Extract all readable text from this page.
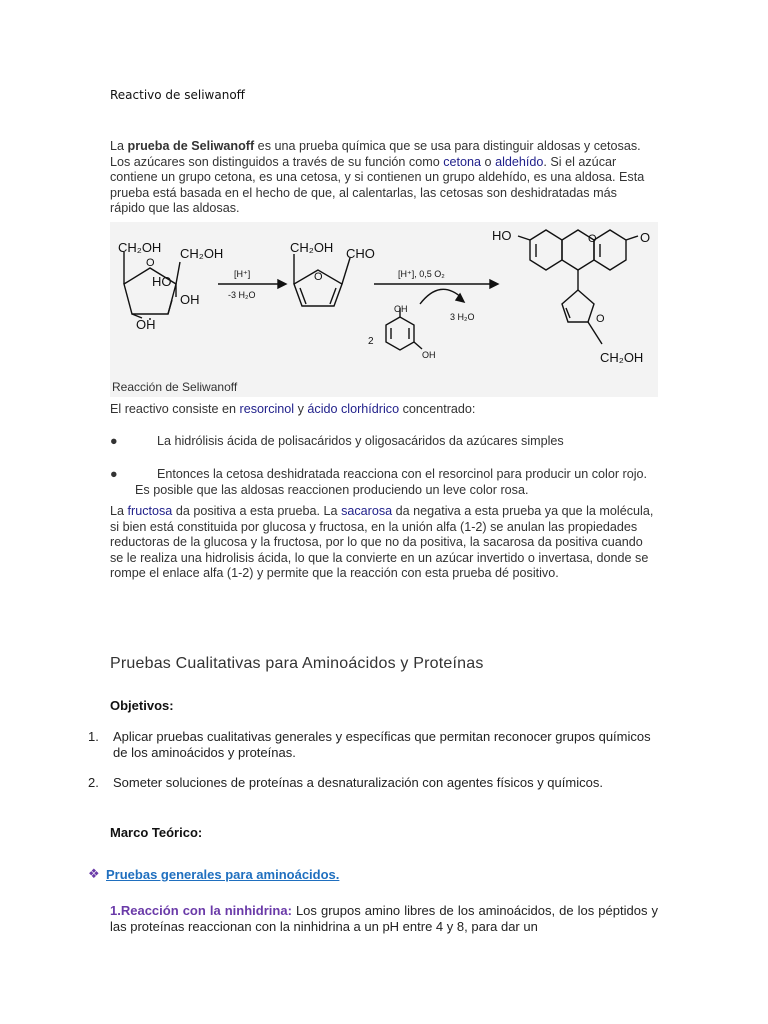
Reactivo de seliwanoff
La prueba de Seliwanoff es una prueba química que se usa para distinguir aldosas y cetosas. Los azúcares son distinguidos a través de su función como cetona o aldehído. Si el azúcar contiene un grupo cetona, es una cetosa, y si contienen un grupo aldehído, es una aldosa. Esta prueba está basada en el hecho de que, al calentarlas, las cetosas son deshidratadas más rápido que las aldosas.
CH₂OH CH₂OH
O
HO
OH
OH
CH₂OH CHO
O
HO	O	O
O
CH₂OH
[H⁺]
-3 H₂O
[H⁺], 0,5 O₂
3 H₂O
OH
OH
2
Reacción de Seliwanoff
El reactivo consiste en resorcinol y ácido clorhídrico concentrado:
●	La hidrólisis ácida de polisacáridos y oligosacáridos da azúcares simples
●	Entonces la cetosa deshidratada reacciona con el resorcinol para producir un color rojo. Es posible que las aldosas reaccionen produciendo un leve color rosa.
La fructosa da positiva a esta prueba. La sacarosa da negativa a esta prueba ya que la molécula, si bien está constituida por glucosa y fructosa, en la unión alfa (1-2) se anulan las propiedades reductoras de la glucosa y la fructosa, por lo que no da positiva, la sacarosa da positiva cuando se le realiza una hidrolisis ácida, lo que la convierte en un azúcar invertido o invertasa, donde se rompe el enlace alfa (1-2) y permite que la reacción con esta prueba dé positivo.
Pruebas Cualitativas para Aminoácidos y Proteínas
Objetivos:
1. Aplicar pruebas cualitativas generales y específicas que permitan reconocer grupos químicos de los aminoácidos y proteínas.
2. Someter soluciones de proteínas a desnaturalización con agentes físicos y químicos.
Marco Teórico:
❖ Pruebas generales para aminoácidos.
1.Reacción con la ninhidrina: Los grupos amino libres de los aminoácidos, de los péptidos y las proteínas reaccionan con la ninhidrina a un pH entre 4 y 8, para dar un
